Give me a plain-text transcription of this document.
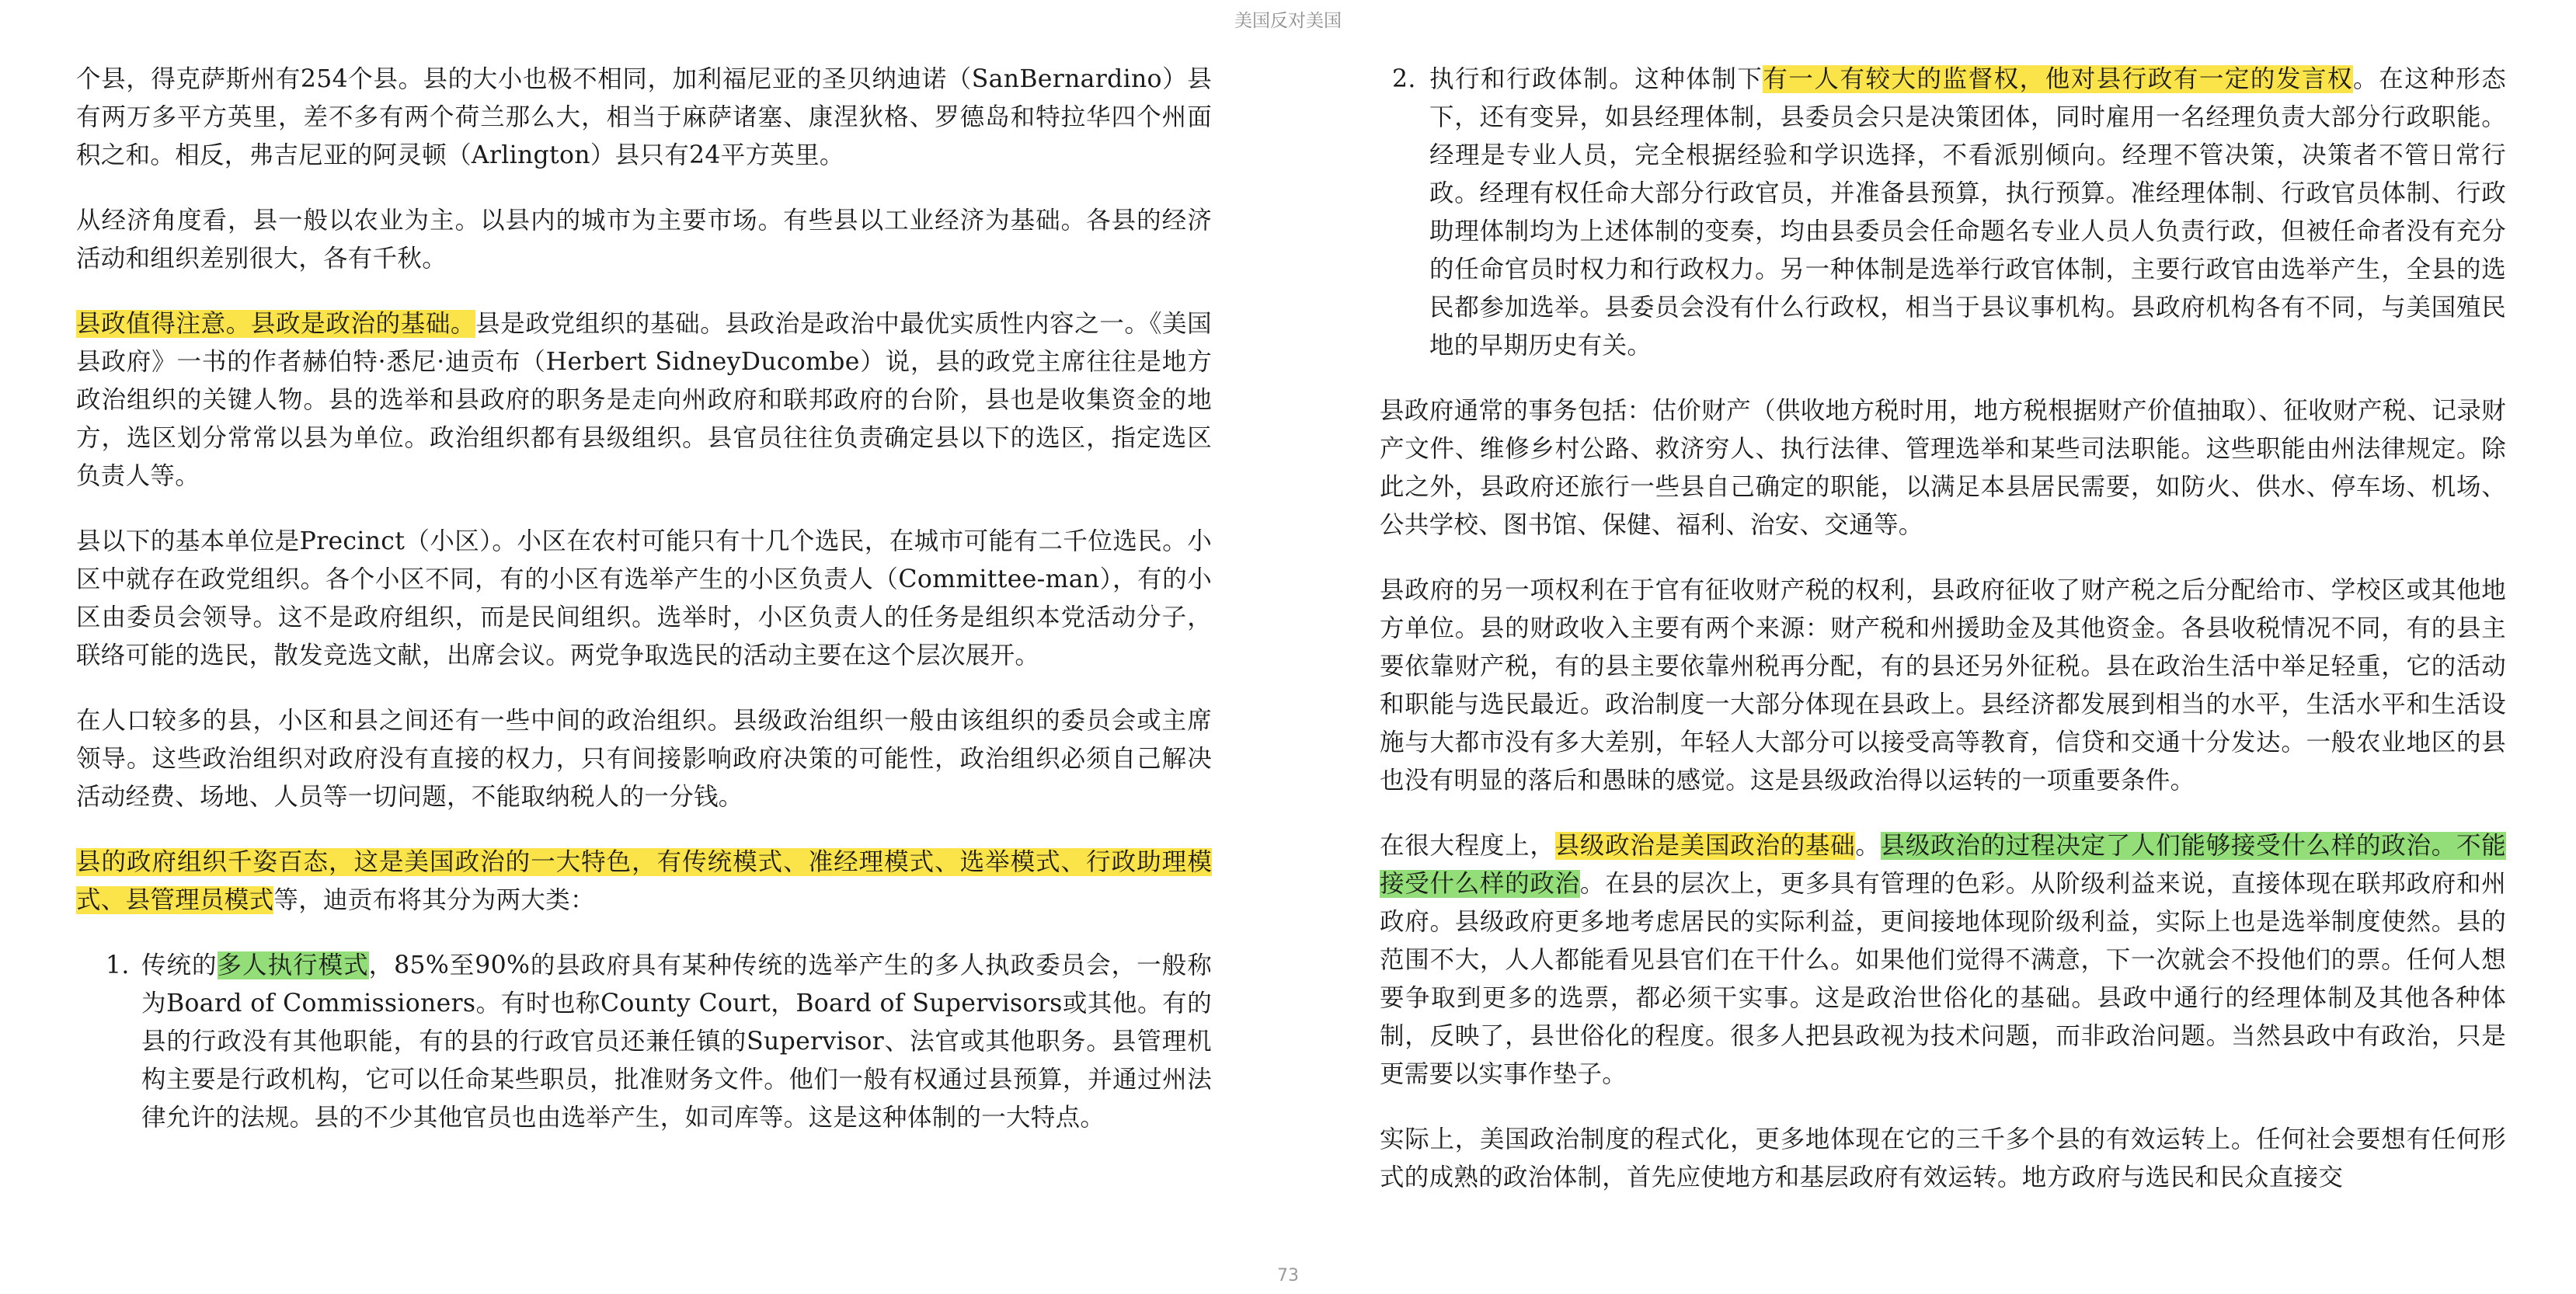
美国反对美国

个县，得克萨斯州有254个县。县的大小也极不相同，加利福尼亚的圣贝纳迪诺（SanBernardino）县有两万多平方英里，差不多有两个荷兰那么大，相当于麻萨诸塞、康涅狄格、罗德岛和特拉华四个州面积之和。相反，弗吉尼亚的阿灵顿（Arlington）县只有24平方英里。

从经济角度看，县一般以农业为主。以县内的城市为主要市场。有些县以工业经济为基础。各县的经济活动和组织差别很大，各有千秋。

县政值得注意。县政是政治的基础。县是政党组织的基础。县政治是政治中最优实质性内容之一。《美国县政府》一书的作者赫伯特·悉尼·迪贡布（Herbert SidneyDucombe）说，县的政党主席往往是地方政治组织的关键人物。县的选举和县政府的职务是走向州政府和联邦政府的台阶，县也是收集资金的地方，选区划分常常以县为单位。政治组织都有县级组织。县官员往往负责确定县以下的选区，指定选区负责人等。

县以下的基本单位是Precinct（小区）。小区在农村可能只有十几个选民，在城市可能有二千位选民。小区中就存在政党组织。各个小区不同，有的小区有选举产生的小区负责人（Committee-man），有的小区由委员会领导。这不是政府组织，而是民间组织。选举时，小区负责人的任务是组织本党活动分子，联络可能的选民，散发竞选文献，出席会议。两党争取选民的活动主要在这个层次展开。

在人口较多的县，小区和县之间还有一些中间的政治组织。县级政治组织一般由该组织的委员会或主席领导。这些政治组织对政府没有直接的权力，只有间接影响政府决策的可能性，政治组织必须自己解决活动经费、场地、人员等一切问题，不能取纳税人的一分钱。

县的政府组织千姿百态，这是美国政治的一大特色，有传统模式、准经理模式、选举模式、行政助理模式、县管理员模式等，迪贡布将其分为两大类：

1. 传统的多人执行模式，85%至90%的县政府具有某种传统的选举产生的多人执政委员会，一般称为Board of Commissioners。有时也称County Court，Board of Supervisors或其他。有的县的行政没有其他职能，有的县的行政官员还兼任镇的Supervisor、法官或其他职务。县管理机构主要是行政机构，它可以任命某些职员，批准财务文件。他们一般有权通过县预算，并通过州法律允许的法规。县的不少其他官员也由选举产生，如司库等。这是这种体制的一大特点。
2. 执行和行政体制。这种体制下有一人有较大的监督权，他对县行政有一定的发言权。在这种形态下，还有变异，如县经理体制，县委员会只是决策团体，同时雇用一名经理负责大部分行政职能。经理是专业人员，完全根据经验和学识选择，不看派别倾向。经理不管决策，决策者不管日常行政。经理有权任命大部分行政官员，并准备县预算，执行预算。准经理体制、行政官员体制、行政助理体制均为上述体制的变奏，均由县委员会任命题名专业人员人负责行政，但被任命者没有充分的任命官员时权力和行政权力。另一种体制是选举行政官体制，主要行政官由选举产生，全县的选民都参加选举。县委员会没有什么行政权，相当于县议事机构。县政府机构各有不同，与美国殖民地的早期历史有关。

县政府通常的事务包括：估价财产（供收地方税时用，地方税根据财产价值抽取）、征收财产税、记录财产文件、维修乡村公路、救济穷人、执行法律、管理选举和某些司法职能。这些职能由州法律规定。除此之外，县政府还旅行一些县自己确定的职能，以满足本县居民需要，如防火、供水、停车场、机场、公共学校、图书馆、保健、福利、治安、交通等。

县政府的另一项权利在于官有征收财产税的权利，县政府征收了财产税之后分配给市、学校区或其他地方单位。县的财政收入主要有两个来源：财产税和州援助金及其他资金。各县收税情况不同，有的县主要依靠财产税，有的县主要依靠州税再分配，有的县还另外征税。县在政治生活中举足轻重，它的活动和职能与选民最近。政治制度一大部分体现在县政上。县经济都发展到相当的水平，生活水平和生活设施与大都市没有多大差别，年轻人大部分可以接受高等教育，信贷和交通十分发达。一般农业地区的县也没有明显的落后和愚昧的感觉。这是县级政治得以运转的一项重要条件。

在很大程度上，县级政治是美国政治的基础。县级政治的过程决定了人们能够接受什么样的政治。不能接受什么样的政治。在县的层次上，更多具有管理的色彩。从阶级利益来说，直接体现在联邦政府和州政府。县级政府更多地考虑居民的实际利益，更间接地体现阶级利益，实际上也是选举制度使然。县的范围不大，人人都能看见县官们在干什么。如果他们觉得不满意，下一次就会不投他们的票。任何人想要争取到更多的选票，都必须干实事。这是政治世俗化的基础。县政中通行的经理体制及其他各种体制，反映了，县世俗化的程度。很多人把县政视为技术问题，而非政治问题。当然县政中有政治，只是更需要以实事作垫子。

实际上，美国政治制度的程式化，更多地体现在它的三千多个县的有效运转上。任何社会要想有任何形式的成熟的政治体制，首先应使地方和基层政府有效运转。地方政府与选民和民众直接交

73
